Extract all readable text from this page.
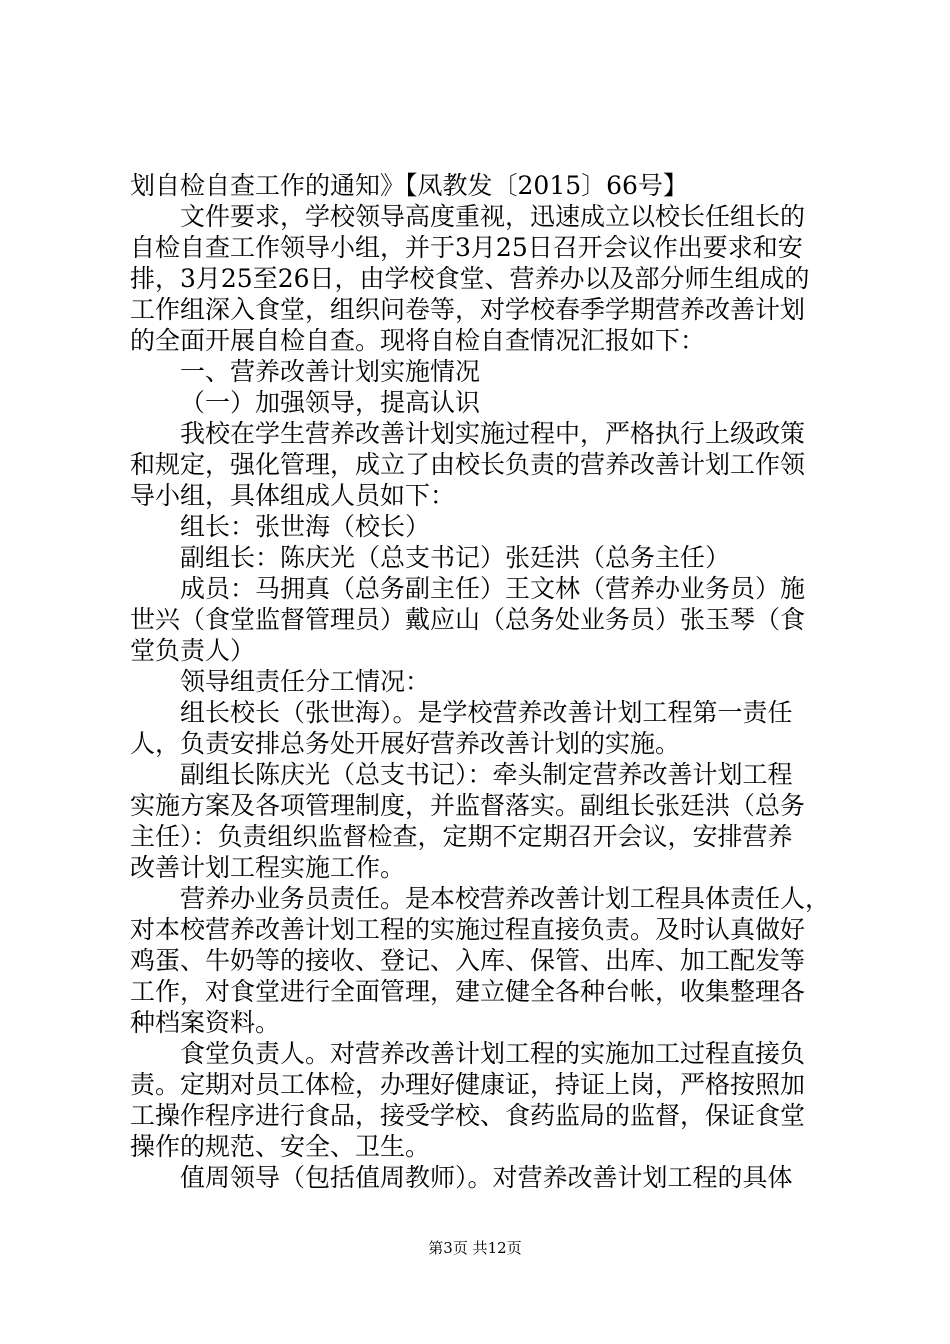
划自检自查工作的通知》【凤教发〔2015〕66号】
文件要求，学校领导高度重视，迅速成立以校长任组长的
自检自查工作领导小组，并于3月25日召开会议作出要求和安
排，3月25至26日，由学校食堂、营养办以及部分师生组成的
工作组深入食堂，组织问卷等，对学校春季学期营养改善计划
的全面开展自检自查。现将自检自查情况汇报如下：
一、营养改善计划实施情况
（一）加强领导，提高认识
我校在学生营养改善计划实施过程中，严格执行上级政策
和规定，强化管理，成立了由校长负责的营养改善计划工作领
导小组，具体组成人员如下：
组长：张世海（校长）
副组长：陈庆光（总支书记）张廷洪（总务主任）
成员：马拥真（总务副主任）王文林（营养办业务员）施
世兴（食堂监督管理员）戴应山（总务处业务员）张玉琴（食
堂负责人）
领导组责任分工情况：
组长校长（张世海）。是学校营养改善计划工程第一责任
人，负责安排总务处开展好营养改善计划的实施。
副组长陈庆光（总支书记）：牵头制定营养改善计划工程
实施方案及各项管理制度，并监督落实。副组长张廷洪（总务
主任）：负责组织监督检查，定期不定期召开会议，安排营养
改善计划工程实施工作。
营养办业务员责任。是本校营养改善计划工程具体责任人，
对本校营养改善计划工程的实施过程直接负责。及时认真做好
鸡蛋、牛奶等的接收、登记、入库、保管、出库、加工配发等
工作，对食堂进行全面管理，建立健全各种台帐，收集整理各
种档案资料。
食堂负责人。对营养改善计划工程的实施加工过程直接负
责。定期对员工体检，办理好健康证，持证上岗，严格按照加
工操作程序进行食品，接受学校、食药监局的监督，保证食堂
操作的规范、安全、卫生。
值周领导（包括值周教师）。对营养改善计划工程的具体
第3页 共12页
